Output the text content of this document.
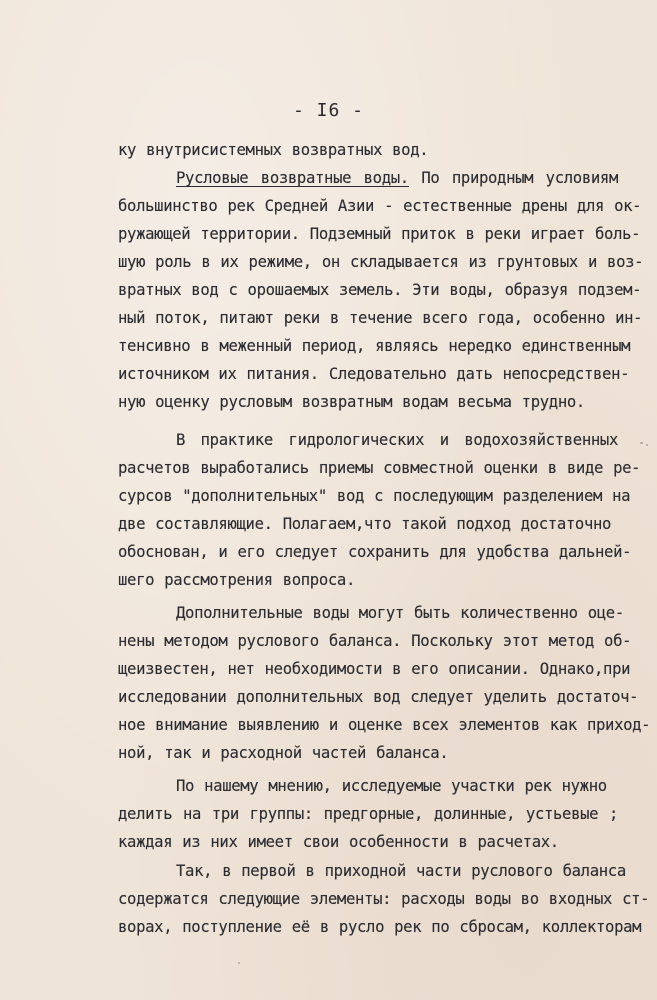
- I6 -
ку внутрисистемных возвратных вод.
Русловые возвратные воды. По природным условиям
большинство рек Средней Азии - естественные дрены для ок-
ружающей территории. Подземный приток в реки играет боль-
шую роль в их режиме, он складывается из грунтовых и воз-
вратных вод с орошаемых земель. Эти воды, образуя подзем-
ный поток, питают реки в течение всего года, особенно ин-
тенсивно в меженный период, являясь нередко единственным
источником их питания. Следовательно дать непосредствен-
ную оценку русловым возвратным водам весьма трудно.
В практике гидрологических и водохозяйственных
расчетов выработались приемы совместной оценки в виде ре-
сурсов "дополнительных" вод с последующим разделением на
две составляющие. Полагаем,что такой подход достаточно
обоснован, и его следует сохранить для удобства дальней-
шего рассмотрения вопроса.
Дополнительные воды могут быть количественно оце-
нены методом руслового баланса. Поскольку этот метод об-
щеизвестен, нет необходимости в его описании. Однако,при
исследовании дополнительных вод следует уделить достаточ-
ное внимание выявлению и оценке всех элементов как приход-
ной, так и расходной частей баланса.
По нашему мнению, исследуемые участки рек нужно
делить на три группы: предгорные, долинные, устьевые ;
каждая из них имеет свои особенности в расчетах.
Так, в первой в приходной части руслового баланса
содержатся следующие элементы: расходы воды во входных ст-
ворах, поступление её в русло рек по сбросам, коллекторам
